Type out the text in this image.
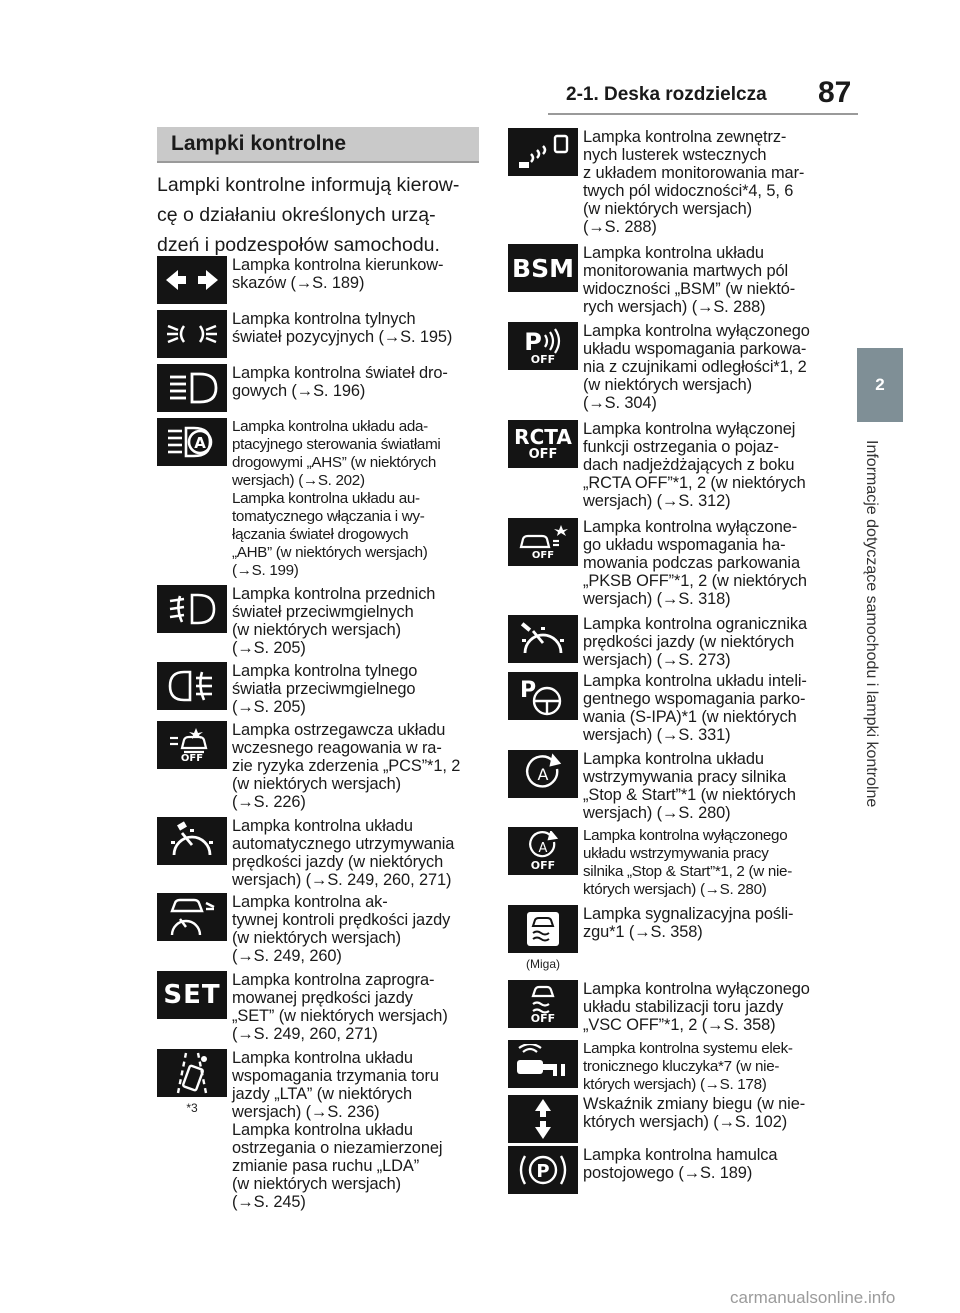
2-1. Deska rozdzielcza 87
2
Informacje dotyczące samochodu i lampki kontrolne
Lampki kontrolne
Lampki kontrolne informują kierow-
cę o działaniu określonych urzą-
dzeń i podzespołów samochodu.
Lampka kontrolna kierunkow-
skazów (→S. 189)
Lampka kontrolna tylnych
świateł pozycyjnych (→S. 195)
Lampka kontrolna świateł dro-
gowych (→S. 196)
A
Lampka kontrolna układu ada-
ptacyjnego sterowania światłami
drogowymi „AHS” (w niektórych
wersjach) (→S. 202)
Lampka kontrolna układu au-
tomatycznego włączania i wy-
łączania świateł drogowych
„AHB” (w niektórych wersjach)
(→S. 199)
Lampka kontrolna przednich
świateł przeciwmgielnych
(w niektórych wersjach)
(→S. 205)
Lampka kontrolna tylnego
światła przeciwmgielnego
(→S. 205)
OFF
Lampka ostrzegawcza układu
wczesnego reagowania w ra-
zie ryzyka zderzenia „PCS”*1, 2
(w niektórych wersjach)
(→S. 226)
Lampka kontrolna układu
automatycznego utrzymywania
prędkości jazdy (w niektórych
wersjach) (→S. 249, 260, 271)
Lampka kontrolna ak-
tywnej kontroli prędkości jazdy
(w niektórych wersjach)
(→S. 249, 260)
SET Lampka kontrolna zaprogra-
mowanej prędkości jazdy
„SET” (w niektórych wersjach)
(→S. 249, 260, 271)
*3
Lampka kontrolna układu
wspomagania trzymania toru
jazdy „LTA” (w niektórych
wersjach) (→S. 236)
Lampka kontrolna układu
ostrzegania o niezamierzonej
zmianie pasa ruchu „LDA”
(w niektórych wersjach)
(→S. 245)
Lampka kontrolna zewnętrz-
nych lusterek wstecznych
z układem monitorowania mar-
twych pól widoczności*4, 5, 6
(w niektórych wersjach)
(→S. 288)
BSM
Lampka kontrolna układu
monitorowania martwych pól
widoczności „BSM” (w niektó-
rych wersjach) (→S. 288)
P
OFF
Lampka kontrolna wyłączonego
układu wspomagania parkowa-
nia z czujnikami odległości*1, 2
(w niektórych wersjach)
(→S. 304)
RCTA
OFF
Lampka kontrolna wyłączonej
funkcji ostrzegania o pojaz-
dach nadjeżdżających z boku
„RCTA OFF”*1, 2 (w niektórych
wersjach) (→S. 312)
OFF
Lampka kontrolna wyłączone-
go układu wspomagania ha-
mowania podczas parkowania
„PKSB OFF”*1, 2 (w niektórych
wersjach) (→S. 318)
Lampka kontrolna ogranicznika
prędkości jazdy (w niektórych
wersjach) (→S. 273)
P	Lampka kontrolna układu inteli-
gentnego wspomagania parko-
wania (S-IPA)*1 (w niektórych
wersjach) (→S. 331)
A
Lampka kontrolna układu
wstrzymywania pracy silnika
„Stop & Start”*1 (w niektórych
wersjach) (→S. 280)
A
OFF
Lampka kontrolna wyłączonego
układu wstrzymywania pracy
silnika „Stop & Start”*1, 2 (w nie-
których wersjach) (→S. 280)
(Miga)
Lampka sygnalizacyjna pośli-
zgu*1 (→S. 358)
OFF
Lampka kontrolna wyłączonego
układu stabilizacji toru jazdy
„VSC OFF”*1, 2 (→S. 358)
Lampka kontrolna systemu elek-
tronicznego kluczyka*7 (w nie-
których wersjach) (→S. 178)
Wskaźnik zmiany biegu (w nie-
których wersjach) (→S. 102)
P
Lampka kontrolna hamulca
postojowego (→S. 189)
carmanualsonline.info
